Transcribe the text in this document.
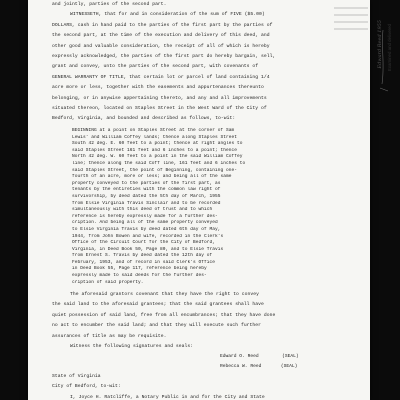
Examined and delivered
Edward Reed 1955

and jointly, parties of the second part.

WITNESSETH, that for and in consideration of the sum of FIVE ($5.00)

DOLLARS, cash in hand paid to the parties of the first part by the parties of

the second part, at the time of the execution and delivery of this deed, and

other good and valuable consideration, the receipt of all of which is hereby

expressly acknowledged, the parties of the first part do hereby bargain, sell,

grant and convey, unto the parties of the second part, with covenants of

GENERAL WARRANTY OF TITLE, that certain lot or parcel of land containing 1/4

acre more or less, together with the easements and appurtenances thereunto

belonging, or in anywise appertaining thereto, and any and all improvements

situated thereon, located on Staples Street in the West Ward of the City of

Bedford, Virginia, and bounded and described as follows, to-wit:

BEGINNING at a point on Staples Street at the corner of Sam

Lewis' and William Coffey lands; thence along Staples Street

South 42 deg. E. 60 feet to a point; thence at right angles to

said Staples Street 161 feet and 6 inches to a point; thence

North 42 deg. W. 60 feet to a point in the said William Coffey

line; thence along the said Coff line, 161 feet and 6 inches to

said Staples Street, the point of Beginning, containing one-

fourth of an acre, more or less; and being all of the same

property conveyed to the parties of the first part, as

tenants by the entireties with the common law right of

survivorship, by deed dated the 5th day of March, 1955

from Elsie Virginia Travis Sinclair and to be recorded

simultaneously with this deed of trust and to which

reference is hereby expressly made for a further des-

cription. And being all of the same property conveyed

to Elsie Virginia Travis by deed dated 6th day of May,

1944, from John Bowen and wife, recorded in the Clerk's

Office of the Circuit Court for the City of Bedford,

Virginia, in Deed Book 50, Page 80, and to Elsie Travis

from Ernest S. Travis by deed dated the 12th day of

February, 1953, and of record in said Clerk's Office

in Deed Book 55, Page 117, reference being hereby

expressly made to said deeds for the further des-

cription of said property.

The aforesaid grantors covenant that they have the right to convey

the said land to the aforesaid grantees; that the said grantees shall have

quiet possession of said land, free from all encumbrances; that they have done

no act to encumber the said land; and that they will execute such further

assurances of title as may be requisite.

Witness the following signatures and seals:

Edward O. Reed	(SEAL)
Rebecca W. Reed	(SEAL)

State of Virginia

City of Bedford, to-wit:

I, Joyce H. Ratcliffe, a Notary Public in and for the City and State
